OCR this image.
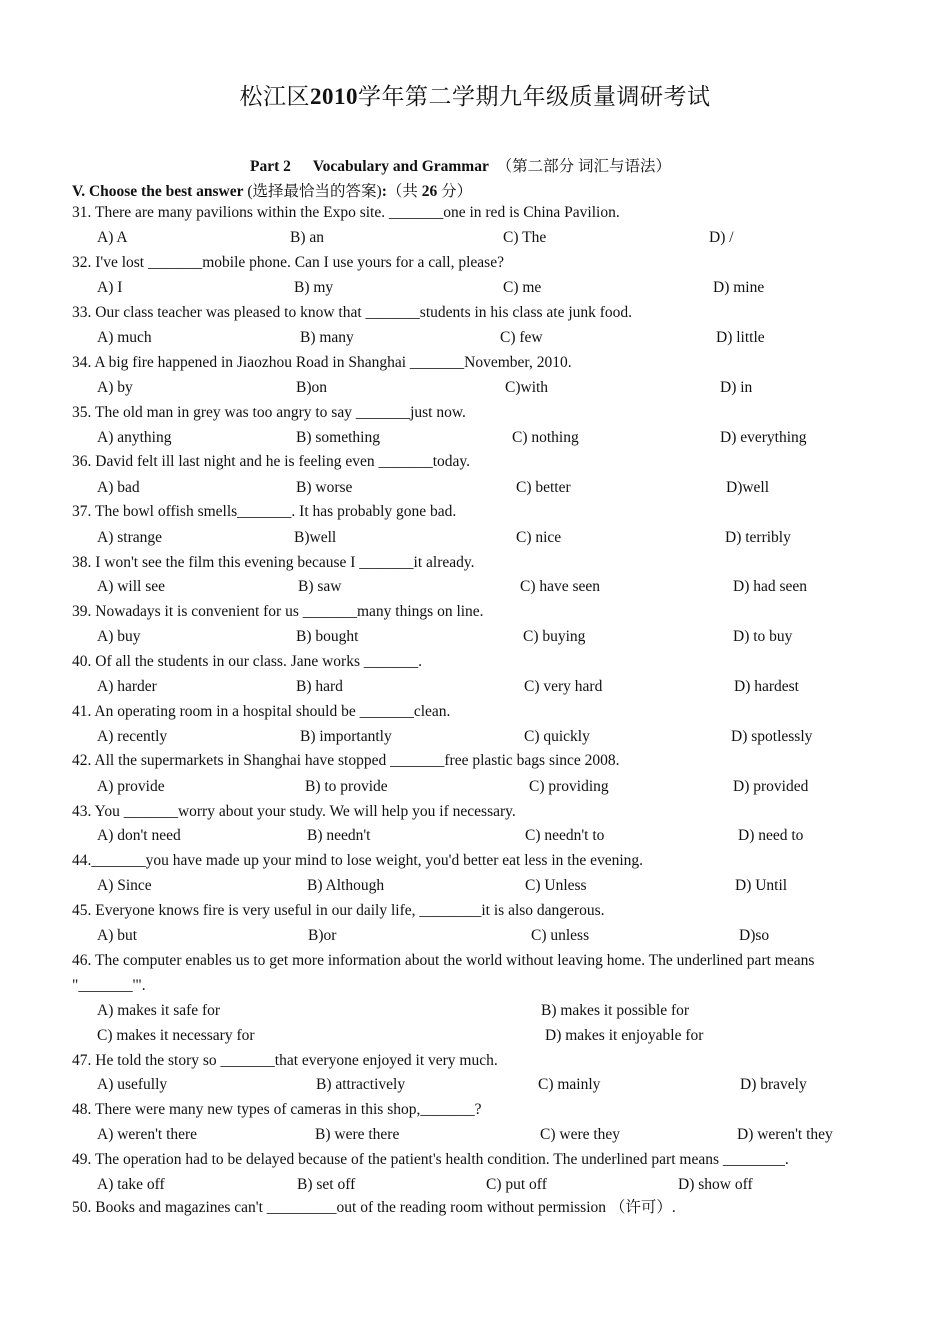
松江区2010学年第二学期九年级质量调研考试
Part 2 Vocabulary and Grammar （第二部分 词汇与语法）
V. Choose the best answer (选择最恰当的答案):（共 26 分）
31. There are many pavilions within the Expo site. _______one in red is China Pavilion.
A) A	B) an	C) The	D) /
32. I've lost _______mobile phone. Can I use yours for a call, please?
A) I	B) my	C) me	D) mine
33. Our class teacher was pleased to know that _______students in his class ate junk food.
A) much	B) many	C) few	D) little
34. A big fire happened in Jiaozhou Road in Shanghai _______November, 2010.
A) by	B)on	C)with	D) in
35. The old man in grey was too angry to say _______just now.
A) anything	B) something	C) nothing	D) everything
36. David felt ill last night and he is feeling even _______today.
A) bad	B) worse	C) better	D)well
37. The bowl offish smells_______. It has probably gone bad.
A) strange	B)well	C) nice	D) terribly
38. I won't see the film this evening because I _______it already.
A) will see	B) saw	C) have seen	D) had seen
39. Nowadays it is convenient for us _______many things on line.
A) buy	B) bought	C) buying	D) to buy
40. Of all the students in our class. Jane works _______.
A) harder	B) hard	C) very hard	D) hardest
41. An operating room in a hospital should be _______clean.
A) recently	B) importantly	C) quickly	D) spotlessly
42. All the supermarkets in Shanghai have stopped _______free plastic bags since 2008.
A) provide	B) to provide	C) providing	D) provided
43. You _______worry about your study. We will help you if necessary.
A) don't need	B) needn't	C) needn't to	D) need to
44._______you have made up your mind to lose weight, you'd better eat less in the evening.
A) Since	B) Although	C) Unless	D) Until
45. Everyone knows fire is very useful in our daily life, ________it is also dangerous.
A) but	B)or	C) unless	D)so
46. The computer enables us to get more information about the world without leaving home. The underlined part means
"_______'".
A) makes it safe for	B) makes it possible for
C) makes it necessary for	D) makes it enjoyable for
47. He told the story so _______that everyone enjoyed it very much.
A) usefully	B) attractively	C) mainly	D) bravely
48. There were many new types of cameras in this shop,_______?
A) weren't there	B) were there	C) were they	D) weren't they
49. The operation had to be delayed because of the patient's health condition. The underlined part means ________.
A) take off	B) set off	C) put off	D) show off
50. Books and magazines can't _________out of the reading room without permission （许可）.
